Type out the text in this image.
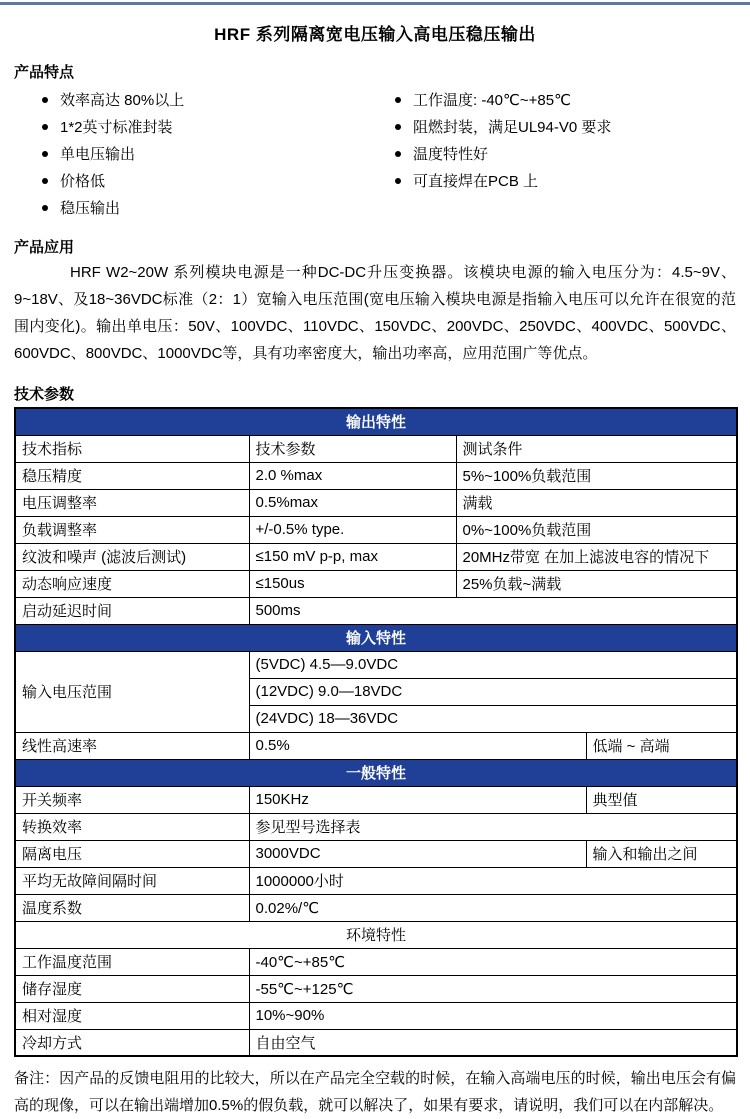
HRF 系列隔离宽电压输入高电压稳压输出
产品特点
效率高达 80%以上
1*2英寸标准封装
单电压输出
价格低
稳压输出
工作温度: -40℃~+85℃
阻燃封装，满足UL94-V0 要求
温度特性好
可直接焊在PCB 上
产品应用

HRF W2~20W 系列模块电源是一种DC-DC升压变换器。该模块电源的输入电压分为：4.5~9V、9~18V、及18~36VDC标准（2：1）宽输入电压范围(宽电压输入模块电源是指输入电压可以允许在很宽的范围内变化)。输出单电压：50V、100VDC、110VDC、150VDC、200VDC、250VDC、400VDC、500VDC、600VDC、800VDC、1000VDC等，具有功率密度大，输出功率高，应用范围广等优点。

技术参数
输出特性			
技术指标	技术参数	测试条件	
稳压精度	2.0 %max	5%~100%负载范围	
电压调整率	0.5%max	满载	
负载调整率	+/-0.5% type.	0%~100%负载范围	
纹波和噪声 (滤波后测试)	≤150 mV p-p, max	20MHz带宽 在加上滤波电容的情况下	
动态响应速度	≤150us	25%负载~满载	
启动延迟时间	500ms		
输入特性			
输入电压范围	(5VDC) 4.5—9.0VDC		
	(12VDC) 9.0—18VDC		
	(24VDC) 18—36VDC		
线性高速率	0.5%		低端 ~ 高端
一般特性			
开关频率	150KHz		典型值
转换效率	参见型号选择表		
隔离电压	3000VDC		输入和输出之间
平均无故障间隔时间	1000000小时		
温度系数	0.02%/℃		
环境特性			
工作温度范围	-40℃~+85℃		
储存湿度	-55℃~+125℃		
相对湿度	10%~90%		
冷却方式	自由空气		

备注：因产品的反馈电阻用的比较大，所以在产品完全空载的时候，在输入高端电压的时候，输出电压会有偏高的现像，可以在输出端增加0.5%的假负载，就可以解决了，如果有要求，请说明，我们可以在内部解决。
